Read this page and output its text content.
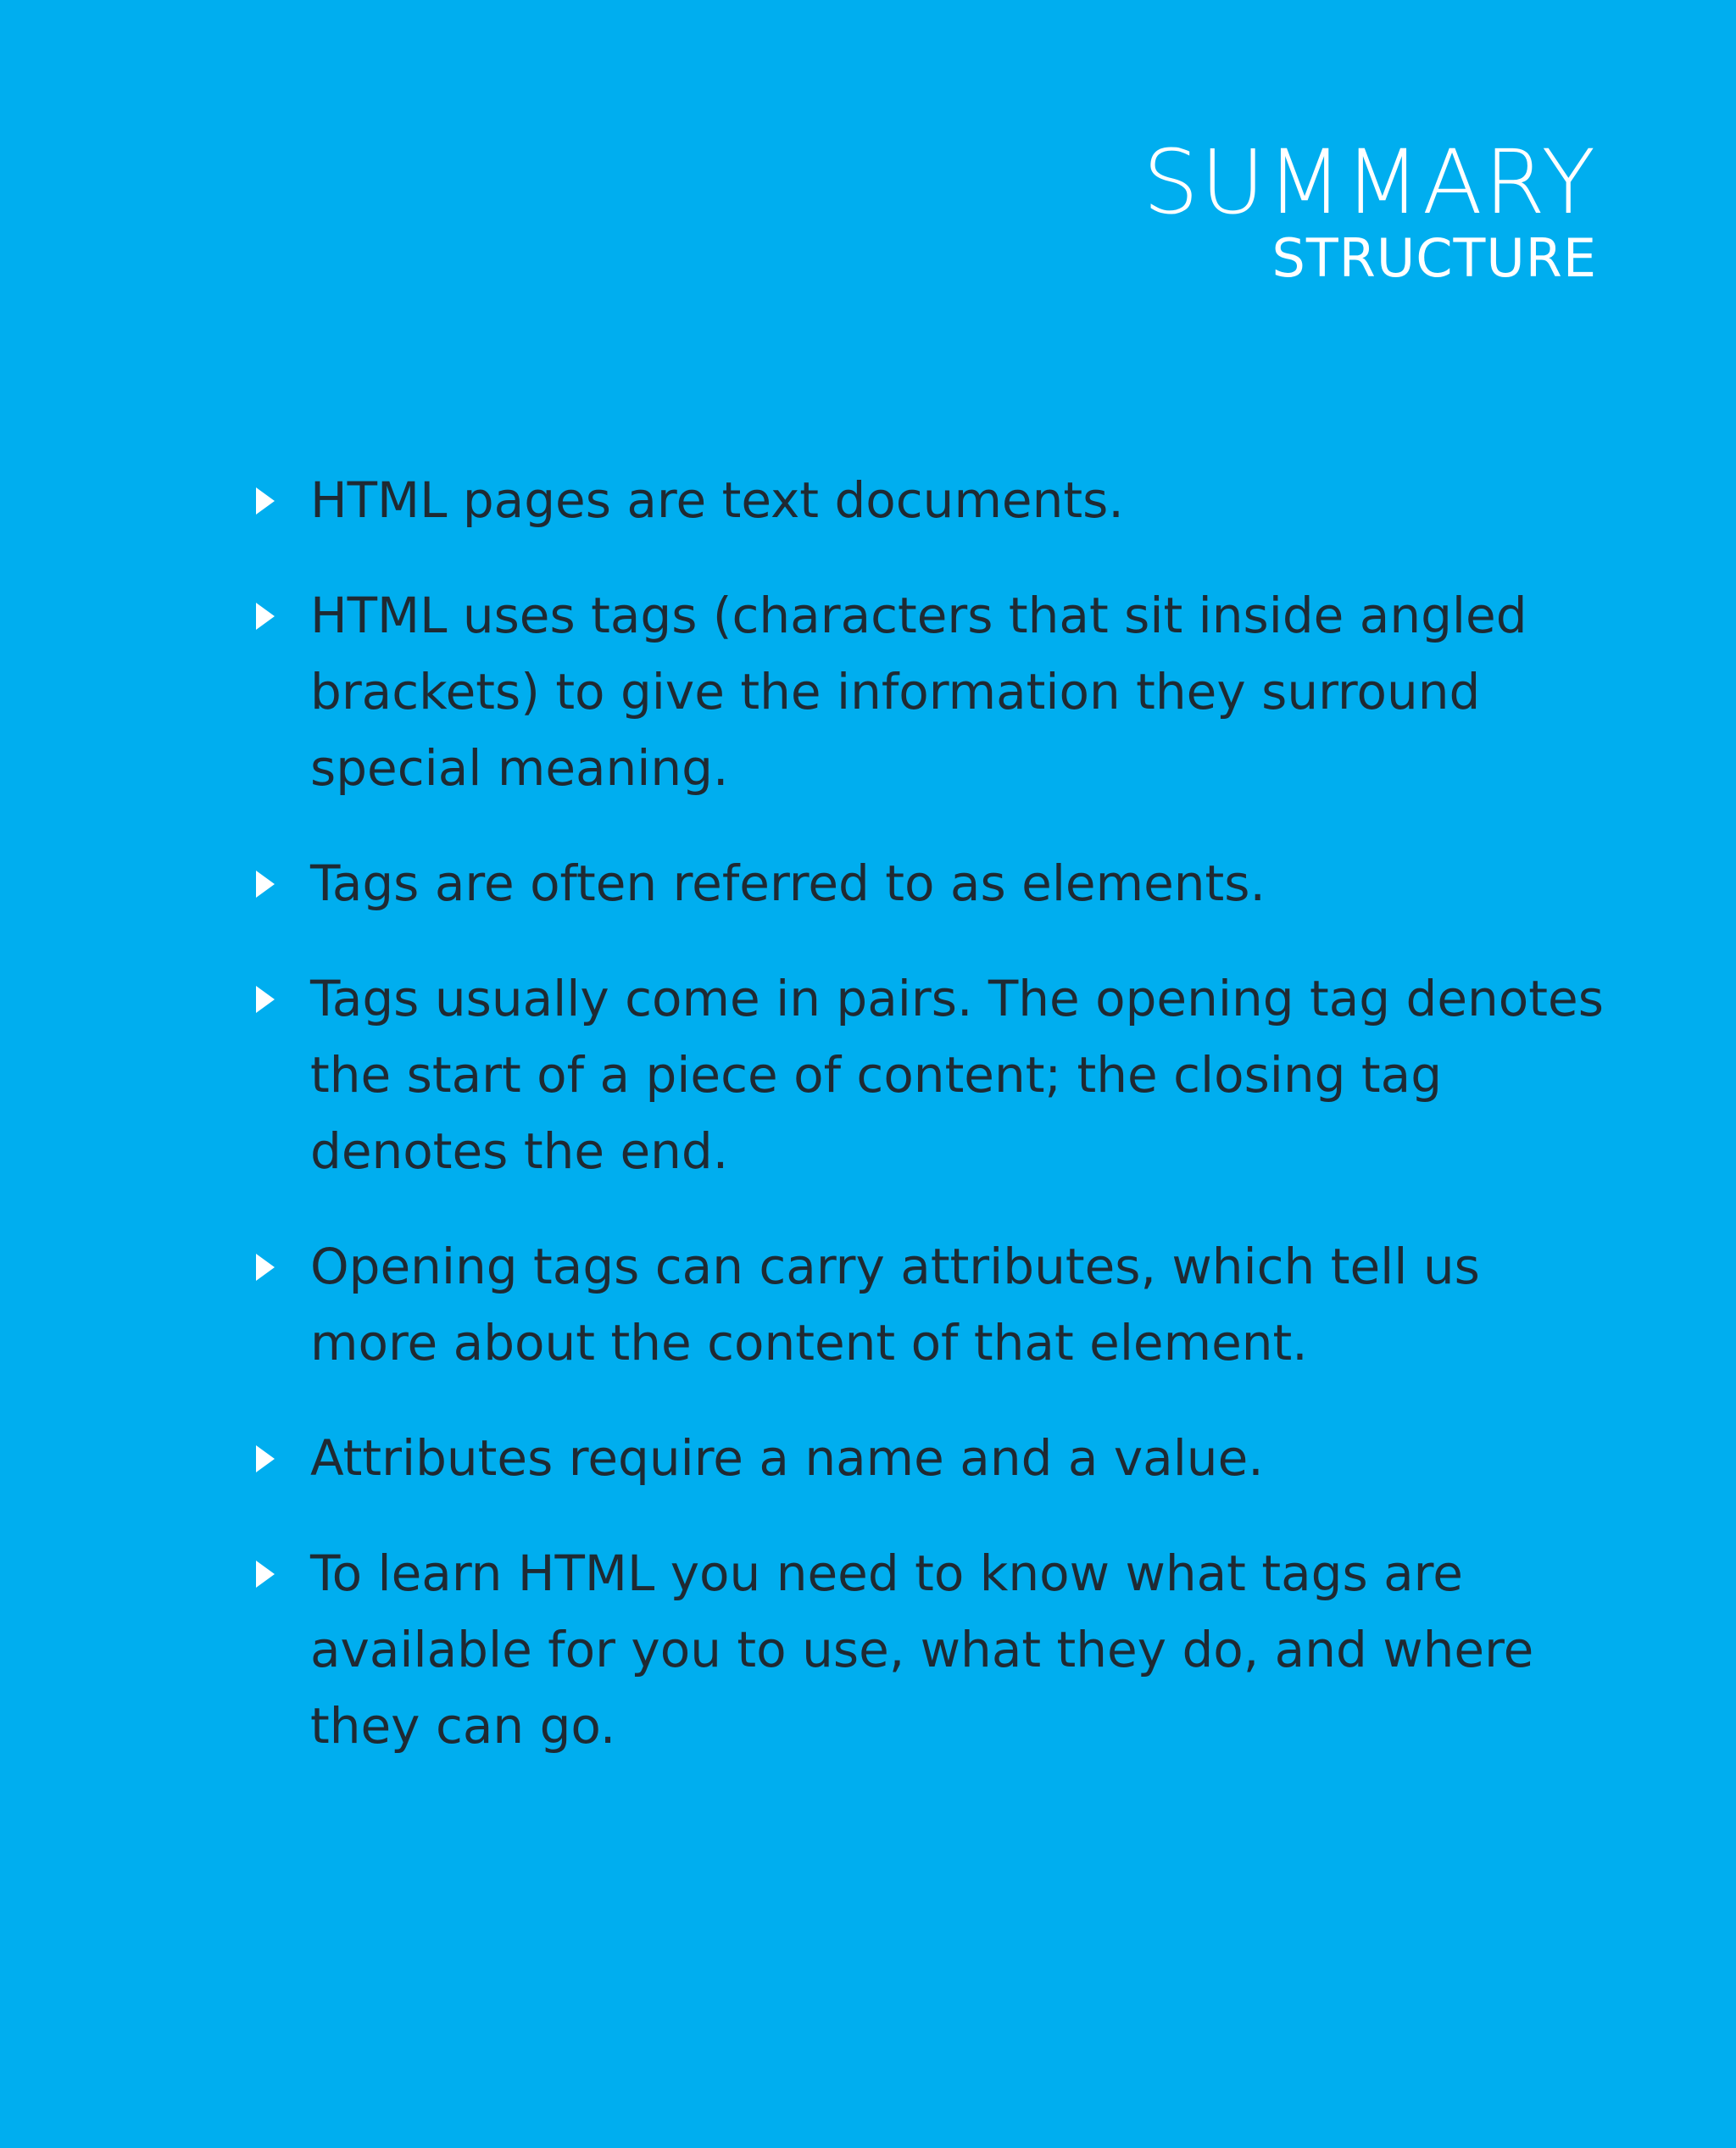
SUMMARY
STRUCTURE
HTML pages are text documents.
HTML uses tags (characters that sit inside angled brackets) to give the information they surround special meaning.
Tags are often referred to as elements.
Tags usually come in pairs. The opening tag denotes the start of a piece of content; the closing tag denotes the end.
Opening tags can carry attributes, which tell us more about the content of that element.
Attributes require a name and a value.
To learn HTML you need to know what tags are available for you to use, what they do, and where they can go.
